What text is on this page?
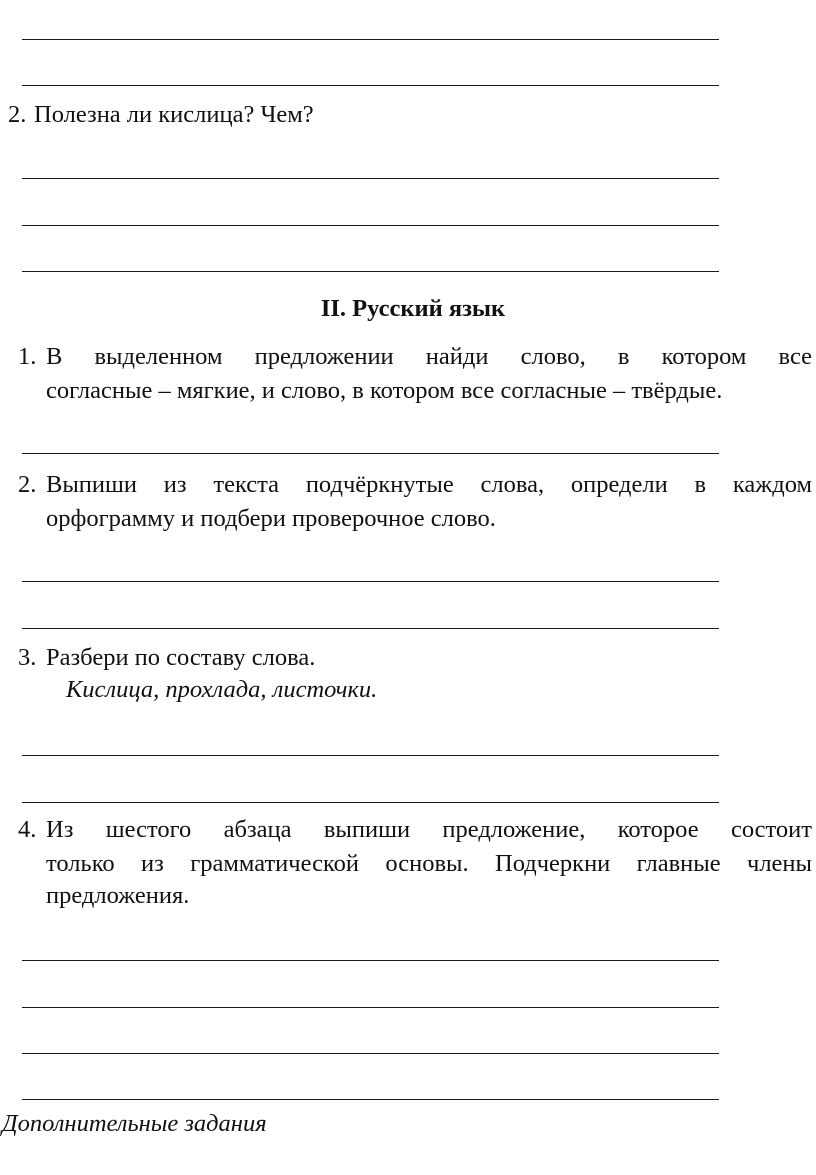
2. Полезна ли кислица? Чем?
II. Русский язык
1. В выделенном предложении найди слово, в котором все
согласные – мягкие, и слово, в котором все согласные – твёрдые.
2. Выпиши из текста подчёркнутые слова, определи в каждом
орфограмму и подбери проверочное слово.
3. Разбери по составу слова.
Кислица, прохлада, листочки.
4. Из шестого абзаца выпиши предложение, которое состоит
только из грамматической основы. Подчеркни главные члены
предложения.
Дополнительные задания
